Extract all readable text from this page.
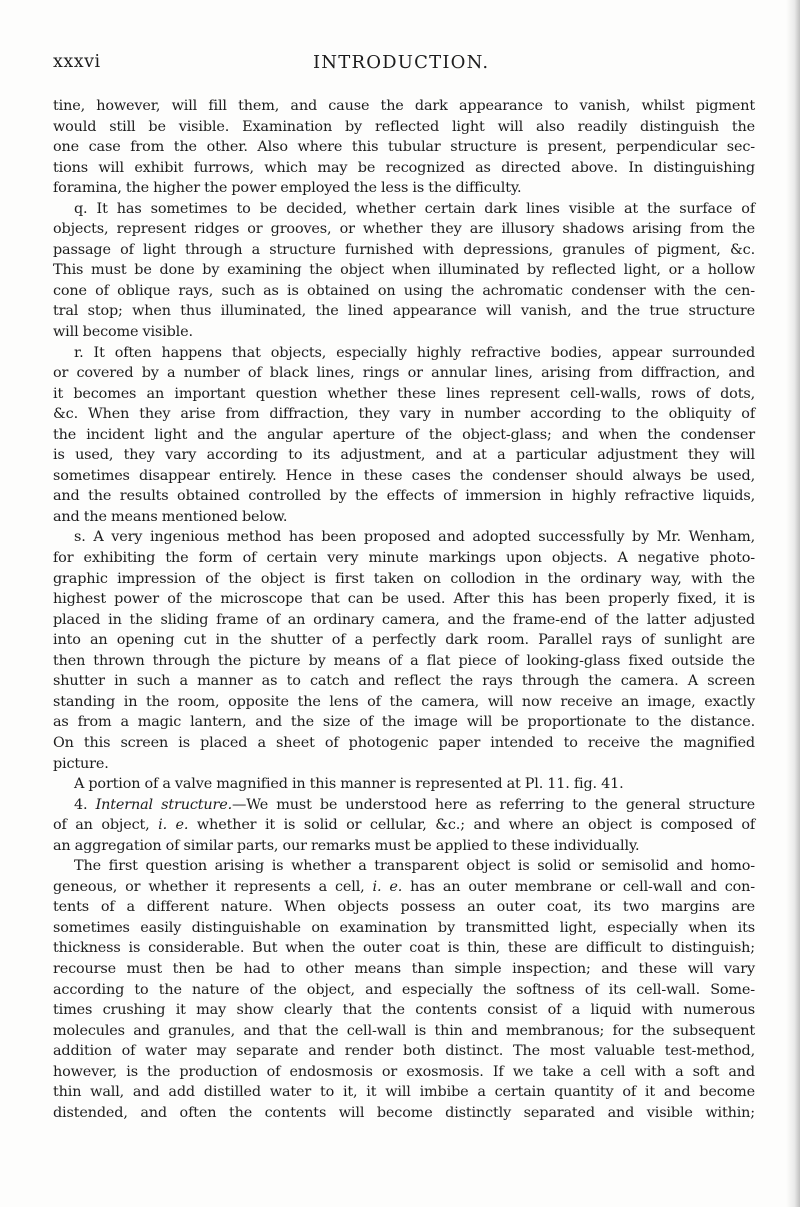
xxxvi	INTRODUCTION.
tine, however, will fill them, and cause the dark appearance to vanish, whilst pigment
would still be visible. Examination by reflected light will also readily distinguish the
one case from the other. Also where this tubular structure is present, perpendicular sec-
tions will exhibit furrows, which may be recognized as directed above. In distinguishing
foramina, the higher the power employed the less is the difficulty.
q. It has sometimes to be decided, whether certain dark lines visible at the surface of
objects, represent ridges or grooves, or whether they are illusory shadows arising from the
passage of light through a structure furnished with depressions, granules of pigment, &c.
This must be done by examining the object when illuminated by reflected light, or a hollow
cone of oblique rays, such as is obtained on using the achromatic condenser with the cen-
tral stop; when thus illuminated, the lined appearance will vanish, and the true structure
will become visible.
r. It often happens that objects, especially highly refractive bodies, appear surrounded
or covered by a number of black lines, rings or annular lines, arising from diffraction, and
it becomes an important question whether these lines represent cell-walls, rows of dots,
&c. When they arise from diffraction, they vary in number according to the obliquity of
the incident light and the angular aperture of the object-glass; and when the condenser
is used, they vary according to its adjustment, and at a particular adjustment they will
sometimes disappear entirely. Hence in these cases the condenser should always be used,
and the results obtained controlled by the effects of immersion in highly refractive liquids,
and the means mentioned below.
s. A very ingenious method has been proposed and adopted successfully by Mr. Wenham,
for exhibiting the form of certain very minute markings upon objects. A negative photo-
graphic impression of the object is first taken on collodion in the ordinary way, with the
highest power of the microscope that can be used. After this has been properly fixed, it is
placed in the sliding frame of an ordinary camera, and the frame-end of the latter adjusted
into an opening cut in the shutter of a perfectly dark room. Parallel rays of sunlight are
then thrown through the picture by means of a flat piece of looking-glass fixed outside the
shutter in such a manner as to catch and reflect the rays through the camera. A screen
standing in the room, opposite the lens of the camera, will now receive an image, exactly
as from a magic lantern, and the size of the image will be proportionate to the distance.
On this screen is placed a sheet of photogenic paper intended to receive the magnified
picture.
A portion of a valve magnified in this manner is represented at Pl. 11. fig. 41.
4. Internal structure.—We must be understood here as referring to the general structure
of an object, i. e. whether it is solid or cellular, &c.; and where an object is composed of
an aggregation of similar parts, our remarks must be applied to these individually.
The first question arising is whether a transparent object is solid or semisolid and homo-
geneous, or whether it represents a cell, i. e. has an outer membrane or cell-wall and con-
tents of a different nature. When objects possess an outer coat, its two margins are
sometimes easily distinguishable on examination by transmitted light, especially when its
thickness is considerable. But when the outer coat is thin, these are difficult to distinguish;
recourse must then be had to other means than simple inspection; and these will vary
according to the nature of the object, and especially the softness of its cell-wall. Some-
times crushing it may show clearly that the contents consist of a liquid with numerous
molecules and granules, and that the cell-wall is thin and membranous; for the subsequent
addition of water may separate and render both distinct. The most valuable test-method,
however, is the production of endosmosis or exosmosis. If we take a cell with a soft and
thin wall, and add distilled water to it, it will imbibe a certain quantity of it and become
distended, and often the contents will become distinctly separated and visible within;
